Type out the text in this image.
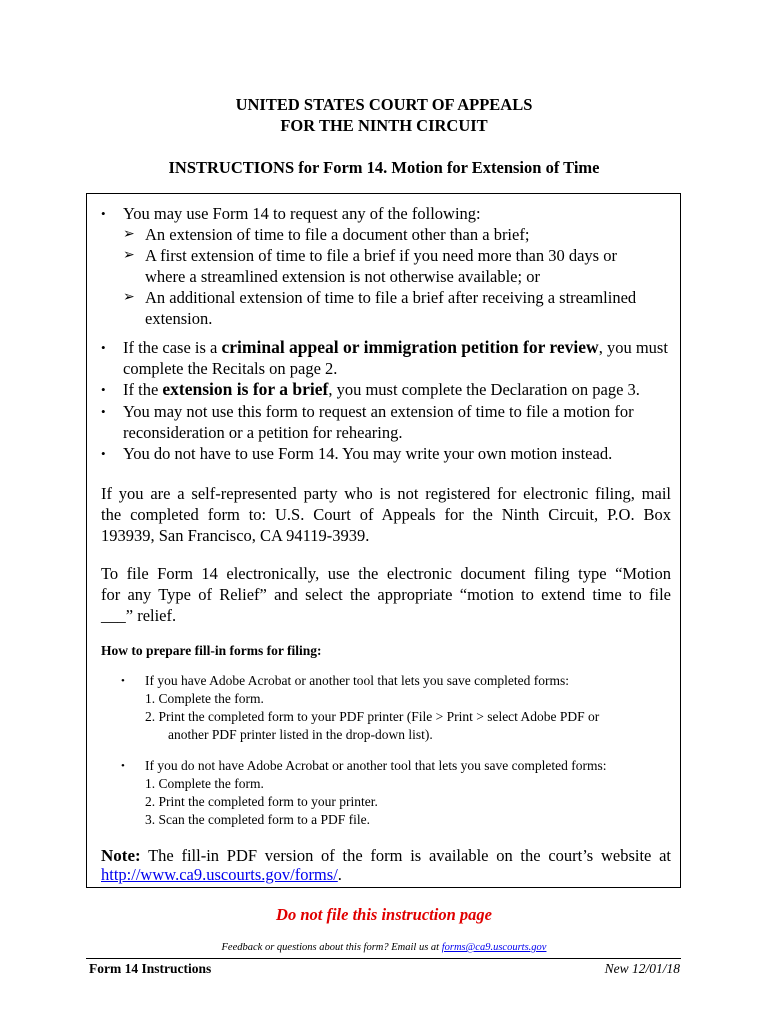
UNITED STATES COURT OF APPEALS
FOR THE NINTH CIRCUIT
INSTRUCTIONS for Form 14. Motion for Extension of Time
• You may use Form 14 to request any of the following:
➢ An extension of time to file a document other than a brief;
➢ A first extension of time to file a brief if you need more than 30 days or
where a streamlined extension is not otherwise available; or
➢ An additional extension of time to file a brief after receiving a streamlined
extension.
• If the case is a criminal appeal or immigration petition for review, you must
complete the Recitals on page 2.
• If the extension is for a brief, you must complete the Declaration on page 3.
• You may not use this form to request an extension of time to file a motion for
reconsideration or a petition for rehearing.
• You do not have to use Form 14. You may write your own motion instead.
If you are a self-represented party who is not registered for electronic filing, mail
the completed form to: U.S. Court of Appeals for the Ninth Circuit, P.O. Box
193939, San Francisco, CA 94119-3939.
To file Form 14 electronically, use the electronic document filing type “Motion
for any Type of Relief” and select the appropriate “motion to extend time to file
___” relief.
How to prepare fill-in forms for filing:
• If you have Adobe Acrobat or another tool that lets you save completed forms:
1. Complete the form.
2. Print the completed form to your PDF printer (File > Print > select Adobe PDF or
another PDF printer listed in the drop-down list).
• If you do not have Adobe Acrobat or another tool that lets you save completed forms:
1. Complete the form.
2. Print the completed form to your printer.
3. Scan the completed form to a PDF file.
Note: The fill-in PDF version of the form is available on the court’s website at
http://www.ca9.uscourts.gov/forms/.
Do not file this instruction page
Feedback or questions about this form? Email us at forms@ca9.uscourts.gov
Form 14 Instructions	New 12/01/18
